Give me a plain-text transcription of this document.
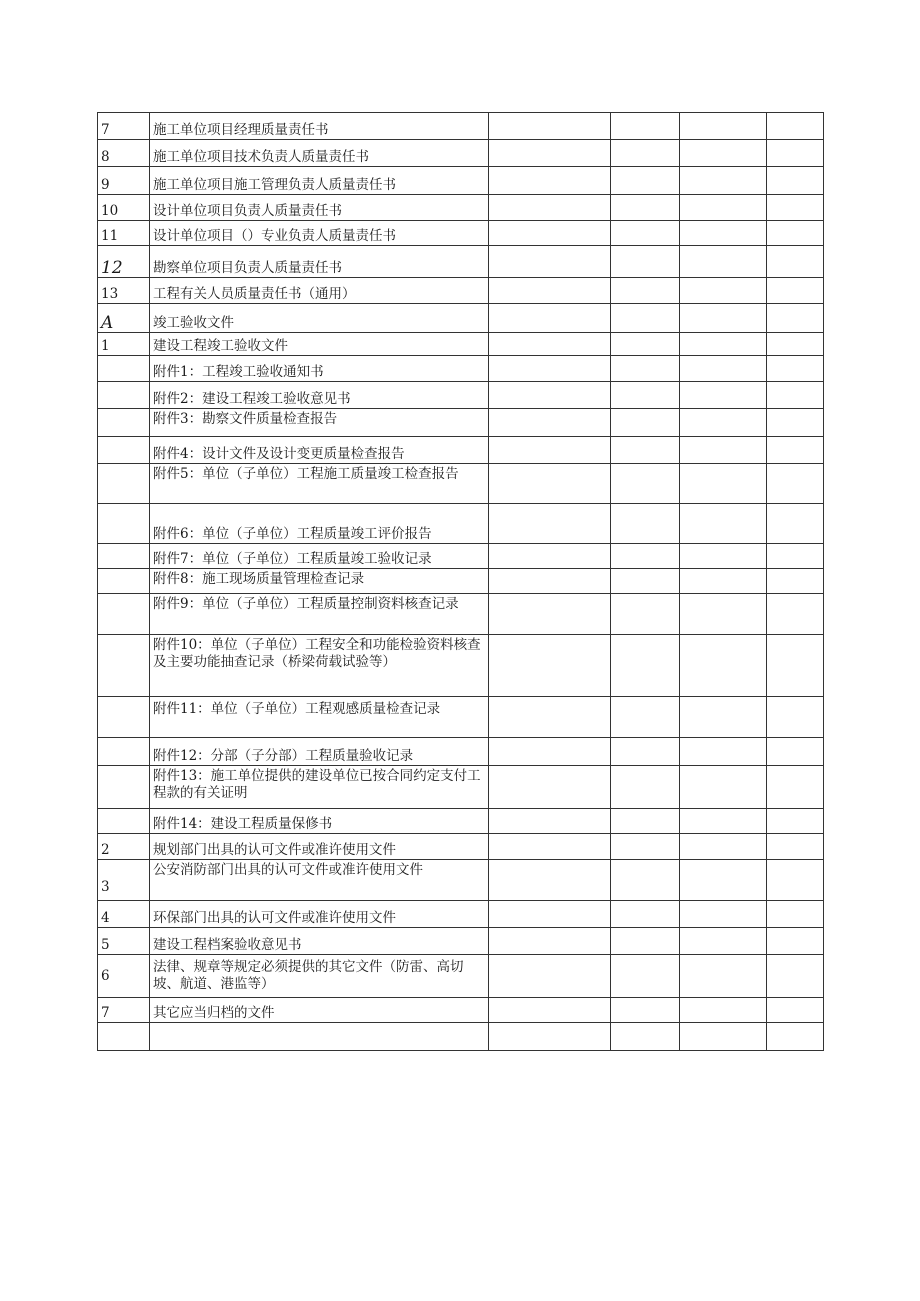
7	施工单位项目经理质量责任书				
8	施工单位项目技术负责人质量责任书				
9	施工单位项目施工管理负责人质量责任书				
10	设计单位项目负责人质量责任书				
11	设计单位项目（）专业负责人质量责任书				
12	勘察单位项目负责人质量责任书				
13	工程有关人员质量责任书（通用）				
A	竣工验收文件				
1	建设工程竣工验收文件				
	附件1：工程竣工验收通知书				
	附件2：建设工程竣工验收意见书				
	附件3：勘察文件质量检查报告				
	附件4：设计文件及设计变更质量检查报告				
	附件5：单位（子单位）工程施工质量竣工检查报告				
	附件6：单位（子单位）工程质量竣工评价报告				
	附件7：单位（子单位）工程质量竣工验收记录				
	附件8：施工现场质量管理检查记录				
	附件9：单位（子单位）工程质量控制资料核查记录				
	附件10：单位（子单位）工程安全和功能检验资料核查及主要功能抽查记录（桥梁荷载试验等）				
	附件11：单位（子单位）工程观感质量检查记录				
	附件12：分部（子分部）工程质量验收记录				
	附件13：施工单位提供的建设单位已按合同约定支付工程款的有关证明				
	附件14：建设工程质量保修书				
2	规划部门出具的认可文件或准许使用文件				
3	公安消防部门出具的认可文件或准许使用文件				
4	环保部门出具的认可文件或准许使用文件				
5	建设工程档案验收意见书				
6	法律、规章等规定必须提供的其它文件（防雷、高切坡、航道、港监等）				
7	其它应当归档的文件				
